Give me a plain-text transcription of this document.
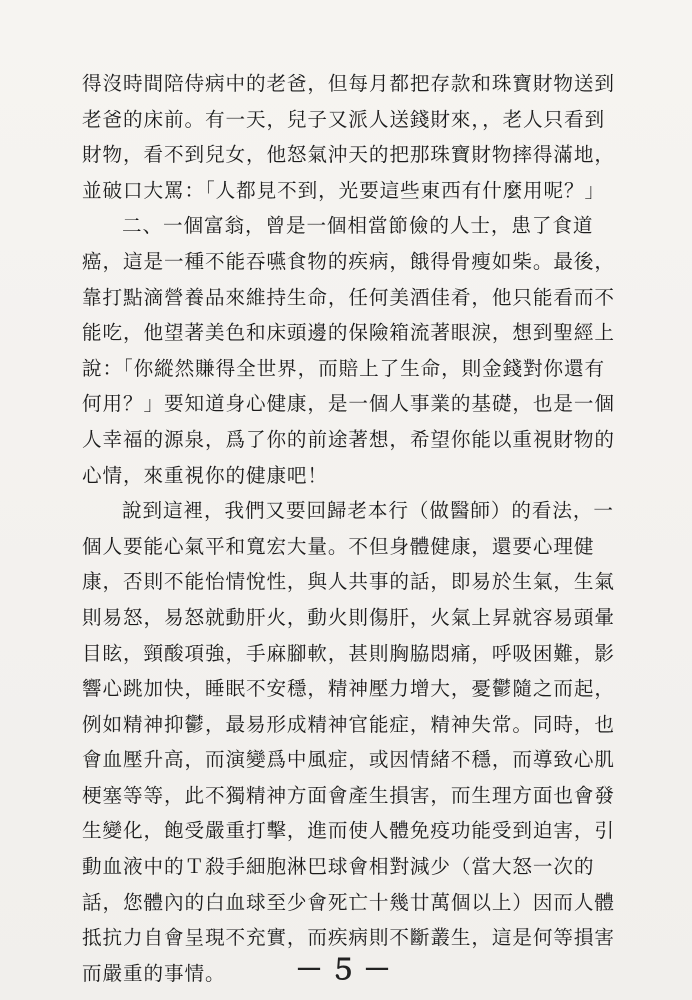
得沒時間陪侍病中的老爸，但每月都把存款和珠寶財物送到
老爸的床前。有一天，兒子又派人送錢財來，，老人只看到
財物，看不到兒女，他怒氣沖天的把那珠寶財物摔得滿地，
並破口大罵：「人都見不到，光要這些東西有什麼用呢？」
二、一個富翁，曾是一個相當節儉的人士，患了食道
癌，這是一種不能吞嚥食物的疾病，餓得骨瘦如柴。最後，
靠打點滴營養品來維持生命，任何美酒佳肴，他只能看而不
能吃，他望著美色和床頭邊的保險箱流著眼淚，想到聖經上
說：「你縱然賺得全世界，而賠上了生命，則金錢對你還有
何用？」要知道身心健康，是一個人事業的基礎，也是一個
人幸福的源泉，爲了你的前途著想，希望你能以重視財物的
心情，來重視你的健康吧！
說到這裡，我們又要回歸老本行（做醫師）的看法，一
個人要能心氣平和寬宏大量。不但身體健康，還要心理健
康，否則不能怡情悅性，與人共事的話，即易於生氣，生氣
則易怒，易怒就動肝火，動火則傷肝，火氣上昇就容易頭暈
目眩，頸酸項強，手麻腳軟，甚則胸脇悶痛，呼吸困難，影
響心跳加快，睡眠不安穩，精神壓力增大，憂鬱隨之而起，
例如精神抑鬱，最易形成精神官能症，精神失常。同時，也
會血壓升高，而演變爲中風症，或因情緒不穩，而導致心肌
梗塞等等，此不獨精神方面會產生損害，而生理方面也會發
生變化，飽受嚴重打擊，進而使人體免疫功能受到迫害，引
動血液中的Ｔ殺手細胞淋巴球會相對減少（當大怒一次的
話，您體內的白血球至少會死亡十幾廿萬個以上）因而人體
抵抗力自會呈現不充實，而疾病則不斷叢生，這是何等損害
而嚴重的事情。	－５－
